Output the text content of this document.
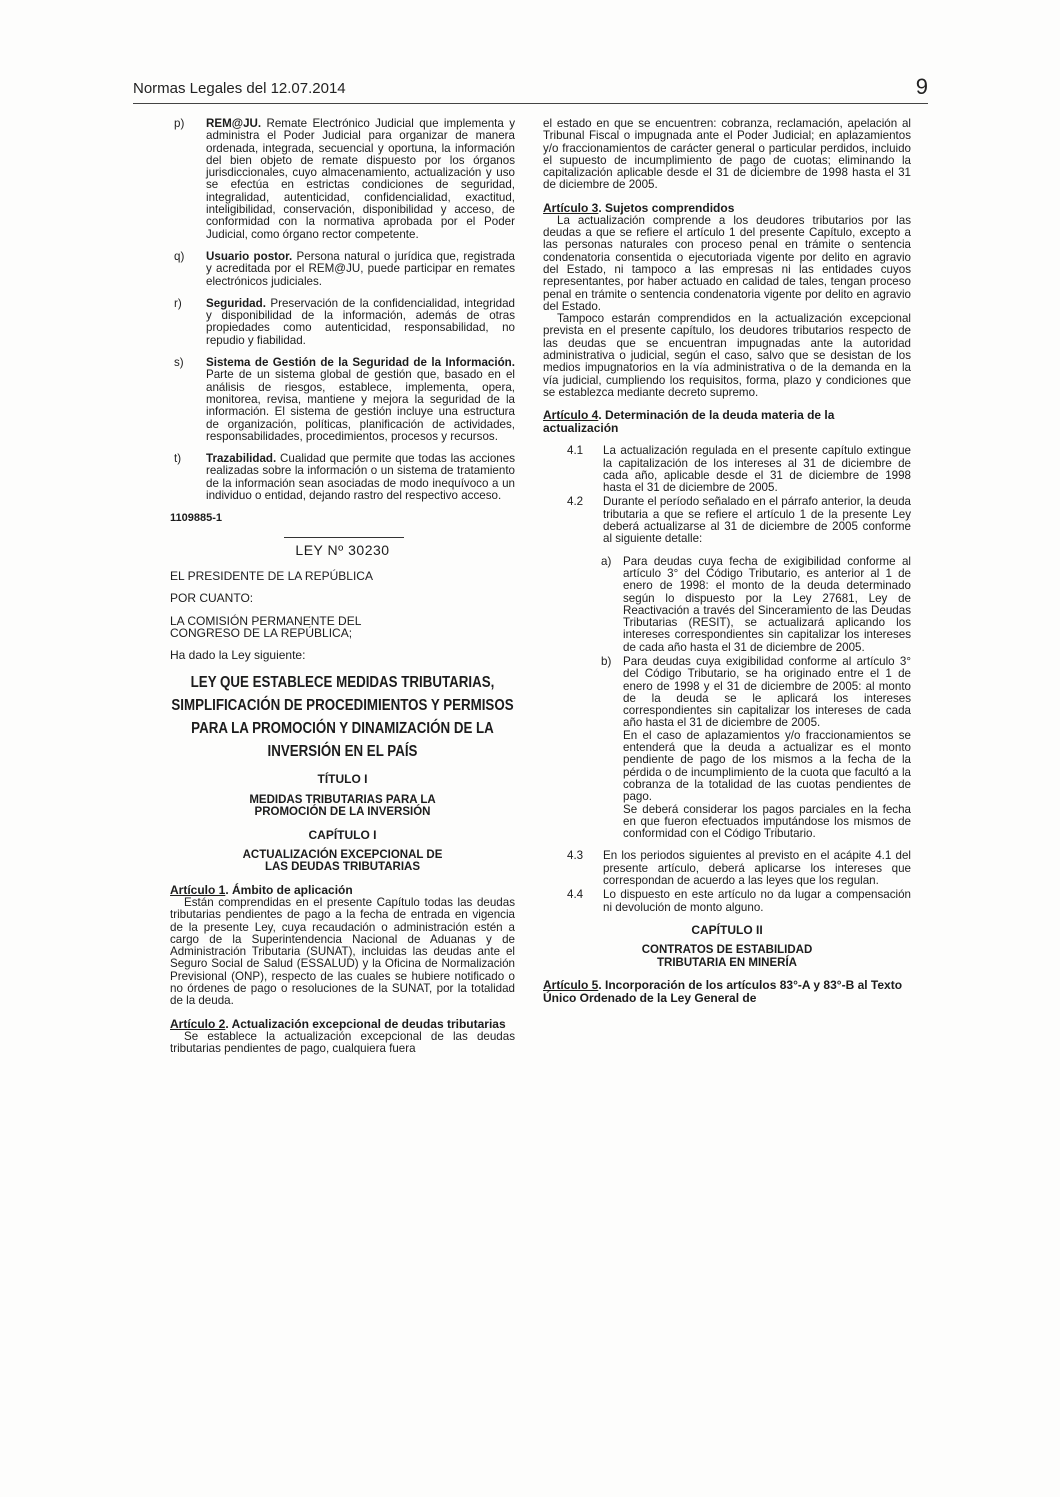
Normas Legales del 12.07.2014	9
p) REM@JU. Remate Electrónico Judicial que implementa y administra el Poder Judicial para organizar de manera ordenada, integrada, secuencial y oportuna, la información del bien objeto de remate dispuesto por los órganos jurisdiccionales, cuyo almacenamiento, actualización y uso se efectúa en estrictas condiciones de seguridad, integralidad, autenticidad, confidencialidad, exactitud, inteligibilidad, conservación, disponibilidad y acceso, de conformidad con la normativa aprobada por el Poder Judicial, como órgano rector competente.

q) Usuario postor. Persona natural o jurídica que, registrada y acreditada por el REM@JU, puede participar en remates electrónicos judiciales.

r) Seguridad. Preservación de la confidencialidad, integridad y disponibilidad de la información, además de otras propiedades como autenticidad, responsabilidad, no repudio y fiabilidad.

s) Sistema de Gestión de la Seguridad de la Información. Parte de un sistema global de gestión que, basado en el análisis de riesgos, establece, implementa, opera, monitorea, revisa, mantiene y mejora la seguridad de la información. El sistema de gestión incluye una estructura de organización, políticas, planificación de actividades, responsabilidades, procedimientos, procesos y recursos.

t) Trazabilidad. Cualidad que permite que todas las acciones realizadas sobre la información o un sistema de tratamiento de la información sean asociadas de modo inequívoco a un individuo o entidad, dejando rastro del respectivo acceso.

1109885-1
LEY Nº 30230

EL PRESIDENTE DE LA REPÚBLICA

POR CUANTO:

LA COMISIÓN PERMANENTE DEL CONGRESO DE LA REPÚBLICA;

Ha dado la Ley siguiente:

LEY QUE ESTABLECE MEDIDAS TRIBUTARIAS, SIMPLIFICACIÓN DE PROCEDIMIENTOS Y PERMISOS PARA LA PROMOCIÓN Y DINAMIZACIÓN DE LA INVERSIÓN EN EL PAÍS
TÍTULO I
MEDIDAS TRIBUTARIAS PARA LA PROMOCIÓN DE LA INVERSIÓN
CAPÍTULO I
ACTUALIZACIÓN EXCEPCIONAL DE LAS DEUDAS TRIBUTARIAS
Artículo 1. Ámbito de aplicación

Están comprendidas en el presente Capítulo todas las deudas tributarias pendientes de pago a la fecha de entrada en vigencia de la presente Ley, cuya recaudación o administración estén a cargo de la Superintendencia Nacional de Aduanas y de Administración Tributaria (SUNAT), incluidas las deudas ante el Seguro Social de Salud (ESSALUD) y la Oficina de Normalización Previsional (ONP), respecto de las cuales se hubiere notificado o no órdenes de pago o resoluciones de la SUNAT, por la totalidad de la deuda.

Artículo 2. Actualización excepcional de deudas tributarias

Se establece la actualización excepcional de las deudas tributarias pendientes de pago, cualquiera fuera

el estado en que se encuentren: cobranza, reclamación, apelación al Tribunal Fiscal o impugnada ante el Poder Judicial; en aplazamientos y/o fraccionamientos de carácter general o particular perdidos, incluido el supuesto de incumplimiento de pago de cuotas; eliminando la capitalización aplicable desde el 31 de diciembre de 1998 hasta el 31 de diciembre de 2005.

Artículo 3. Sujetos comprendidos

La actualización comprende a los deudores tributarios por las deudas a que se refiere el artículo 1 del presente Capítulo, excepto a las personas naturales con proceso penal en trámite o sentencia condenatoria consentida o ejecutoriada vigente por delito en agravio del Estado, ni tampoco a las empresas ni las entidades cuyos representantes, por haber actuado en calidad de tales, tengan proceso penal en trámite o sentencia condenatoria vigente por delito en agravio del Estado.

Tampoco estarán comprendidos en la actualización excepcional prevista en el presente capítulo, los deudores tributarios respecto de las deudas que se encuentran impugnadas ante la autoridad administrativa o judicial, según el caso, salvo que se desistan de los medios impugnatorios en la vía administrativa o de la demanda en la vía judicial, cumpliendo los requisitos, forma, plazo y condiciones que se establezca mediante decreto supremo.

Artículo 4. Determinación de la deuda materia de la actualización
4.1 La actualización regulada en el presente capítulo extingue la capitalización de los intereses al 31 de diciembre de cada año, aplicable desde el 31 de diciembre de 1998 hasta el 31 de diciembre de 2005.

4.2 Durante el período señalado en el párrafo anterior, la deuda tributaria a que se refiere el artículo 1 de la presente Ley deberá actualizarse al 31 de diciembre de 2005 conforme al siguiente detalle:

a) Para deudas cuya fecha de exigibilidad conforme al artículo 3° del Código Tributario, es anterior al 1 de enero de 1998: el monto de la deuda determinado según lo dispuesto por la Ley 27681, Ley de Reactivación a través del Sinceramiento de las Deudas Tributarias (RESIT), se actualizará aplicando los intereses correspondientes sin capitalizar los intereses de cada año hasta el 31 de diciembre de 2005.

b) Para deudas cuya exigibilidad conforme al artículo 3° del Código Tributario, se ha originado entre el 1 de enero de 1998 y el 31 de diciembre de 2005: al monto de la deuda se le aplicará los intereses correspondientes sin capitalizar los intereses de cada año hasta el 31 de diciembre de 2005.

En el caso de aplazamientos y/o fraccionamientos se entenderá que la deuda a actualizar es el monto pendiente de pago de los mismos a la fecha de la pérdida o de incumplimiento de la cuota que facultó a la cobranza de la totalidad de las cuotas pendientes de pago.

Se deberá considerar los pagos parciales en la fecha en que fueron efectuados imputándose los mismos de conformidad con el Código Tributario.

4.3 En los periodos siguientes al previsto en el acápite 4.1 del presente artículo, deberá aplicarse los intereses que correspondan de acuerdo a las leyes que los regulan.

4.4 Lo dispuesto en este artículo no da lugar a compensación ni devolución de monto alguno.

CAPÍTULO II
CONTRATOS DE ESTABILIDAD TRIBUTARIA EN MINERÍA
Artículo 5. Incorporación de los artículos 83°-A y 83°-B al Texto Único Ordenado de la Ley General de
